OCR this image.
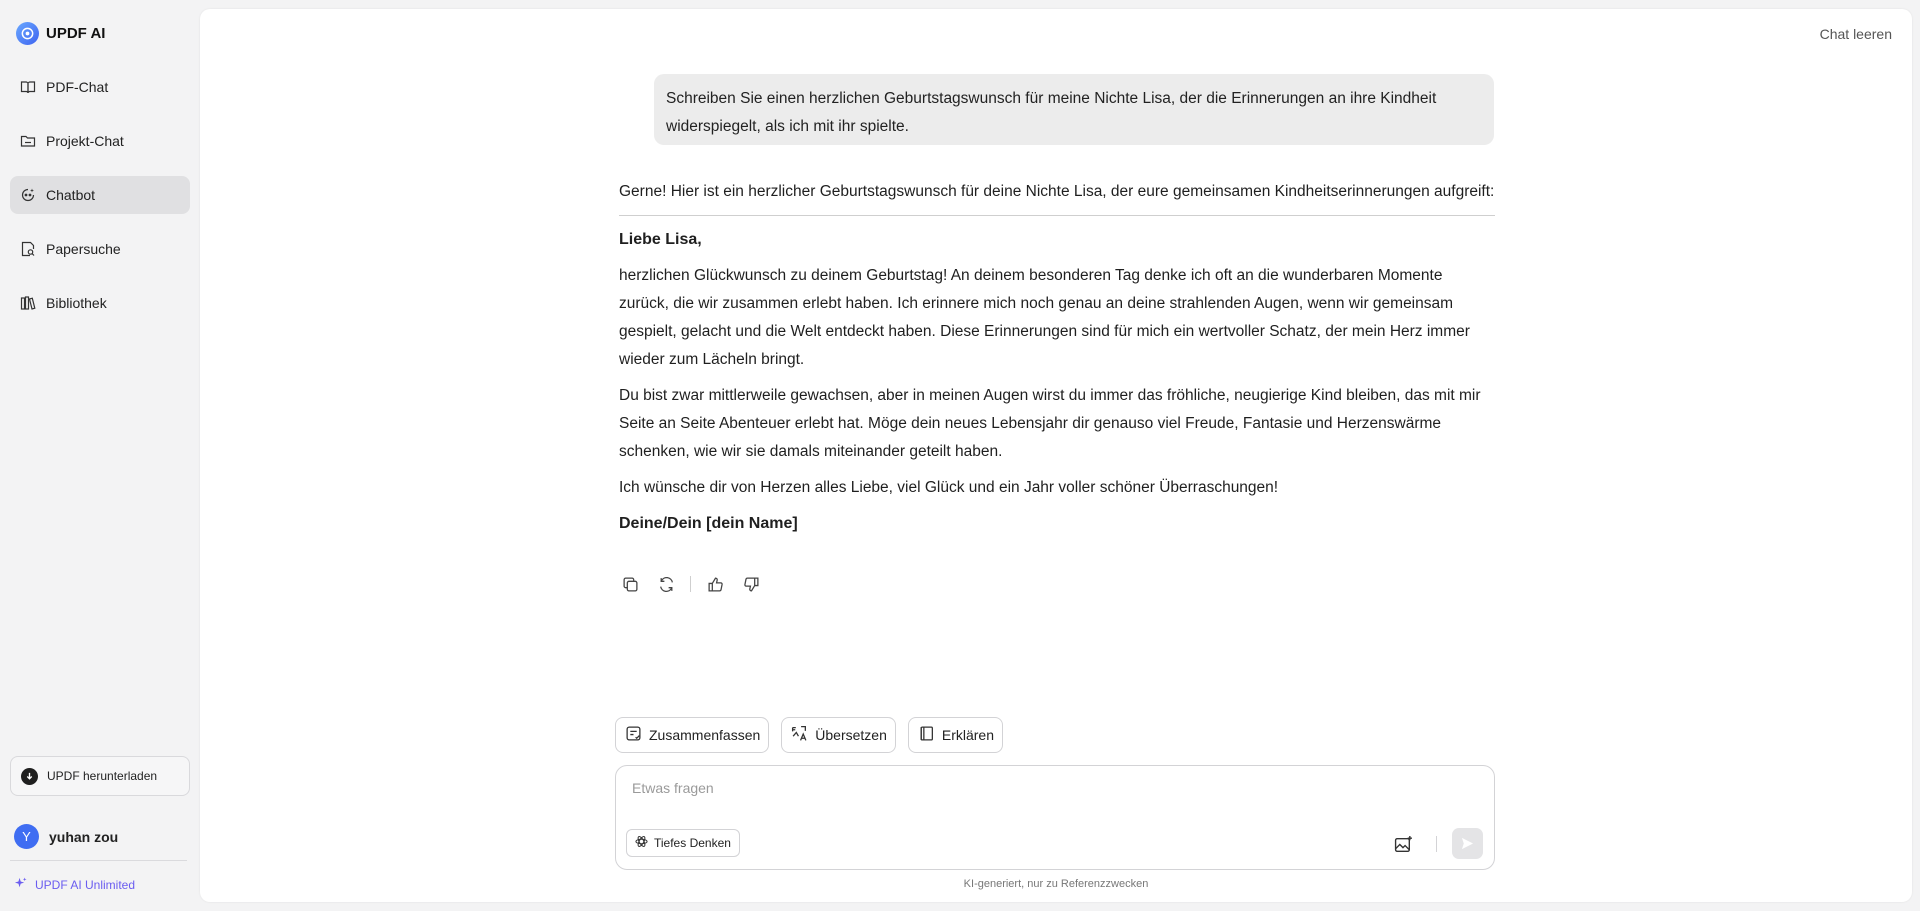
UPDF AI
PDF-Chat
Projekt-Chat
Chatbot
Papersuche
Bibliothek
UPDF herunterladen
Y	yuhan zou
UPDF AI Unlimited
Chat leeren
Schreiben Sie einen herzlichen Geburtstagswunsch für meine Nichte Lisa, der die Erinnerungen an ihre Kindheit widerspiegelt, als ich mit ihr spielte.
Gerne! Hier ist ein herzlicher Geburtstagswunsch für deine Nichte Lisa, der eure gemeinsamen Kindheitserinnerungen aufgreift:
Liebe Lisa,

herzlichen Glückwunsch zu deinem Geburtstag! An deinem besonderen Tag denke ich oft an die wunderbaren Momente zurück, die wir zusammen erlebt haben. Ich erinnere mich noch genau an deine strahlenden Augen, wenn wir gemeinsam gespielt, gelacht und die Welt entdeckt haben. Diese Erinnerungen sind für mich ein wertvoller Schatz, der mein Herz immer wieder zum Lächeln bringt.

Du bist zwar mittlerweile gewachsen, aber in meinen Augen wirst du immer das fröhliche, neugierige Kind bleiben, das mit mir Seite an Seite Abenteuer erlebt hat. Möge dein neues Lebensjahr dir genauso viel Freude, Fantasie und Herzenswärme schenken, wie wir sie damals miteinander geteilt haben.

Ich wünsche dir von Herzen alles Liebe, viel Glück und ein Jahr voller schöner Überraschungen!

Deine/Dein [dein Name]
Zusammenfassen	Übersetzen	Erklären
Etwas fragen
Tiefes Denken
KI-generiert, nur zu Referenzzwecken
